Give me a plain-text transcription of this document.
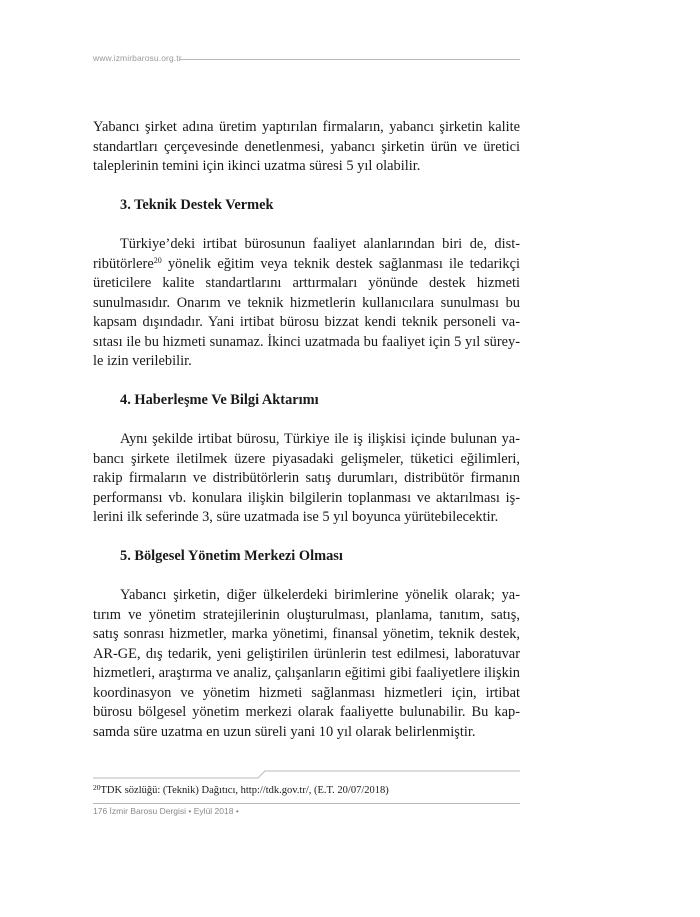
www.izmirbarosu.org.tr

Yabancı şirket adına üretim yaptırılan firmaların, yabancı şirketin kalite standartları çerçevesinde denetlenmesi, yabancı şirketin ürün ve üretici taleplerinin temini için ikinci uzatma süresi 5 yıl olabilir.

3. Teknik Destek Vermek

Türkiye’deki irtibat bürosunun faaliyet alanlarından biri de, distribütörlere$^{20}$ yönelik eğitim veya teknik destek sağlanması ile tedarikçi üreticilere kalite standartlarını arttırmaları yönünde destek hizmeti sunulmasıdır. Onarım ve teknik hizmetlerin kullanıcılara sunulması bu kapsam dışındadır. Yani irtibat bürosu bizzat kendi teknik personeli vasıtası ile bu hizmeti sunamaz. İkinci uzatmada bu faaliyet için 5 yıl süreyle izin verilebilir.

4. Haberleşme Ve Bilgi Aktarımı

Aynı şekilde irtibat bürosu, Türkiye ile iş ilişkisi içinde bulunan yabancı şirkete iletilmek üzere piyasadaki gelişmeler, tüketici eğilimleri, rakip firmaların ve distribütörlerin satış durumları, distribütör firmanın performansı vb. konulara ilişkin bilgilerin toplanması ve aktarılması işlerini ilk seferinde 3, süre uzatmada ise 5 yıl boyunca yürütebilecektir.

5. Bölgesel Yönetim Merkezi Olması

Yabancı şirketin, diğer ülkelerdeki birimlerine yönelik olarak; yatırım ve yönetim stratejilerinin oluşturulması, planlama, tanıtım, satış, satış sonrası hizmetler, marka yönetimi, finansal yönetim, teknik destek, AR-GE, dış tedarik, yeni geliştirilen ürünlerin test edilmesi, laboratuvar hizmetleri, araştırma ve analiz, çalışanların eğitimi gibi faaliyetlere ilişkin koordinasyon ve yönetim hizmeti sağlanması hizmetleri için, irtibat bürosu bölgesel yönetim merkezi olarak faaliyette bulunabilir. Bu kapsamda süre uzatma en uzun süreli yani 10 yıl olarak belirlenmiştir.

$^{20}$TDK sözlüğü: (Teknik) Dağıtıcı, http://tdk.gov.tr/, (E.T. 20/07/2018)
176 İzmir Barosu Dergisi • Eylül 2018 •
